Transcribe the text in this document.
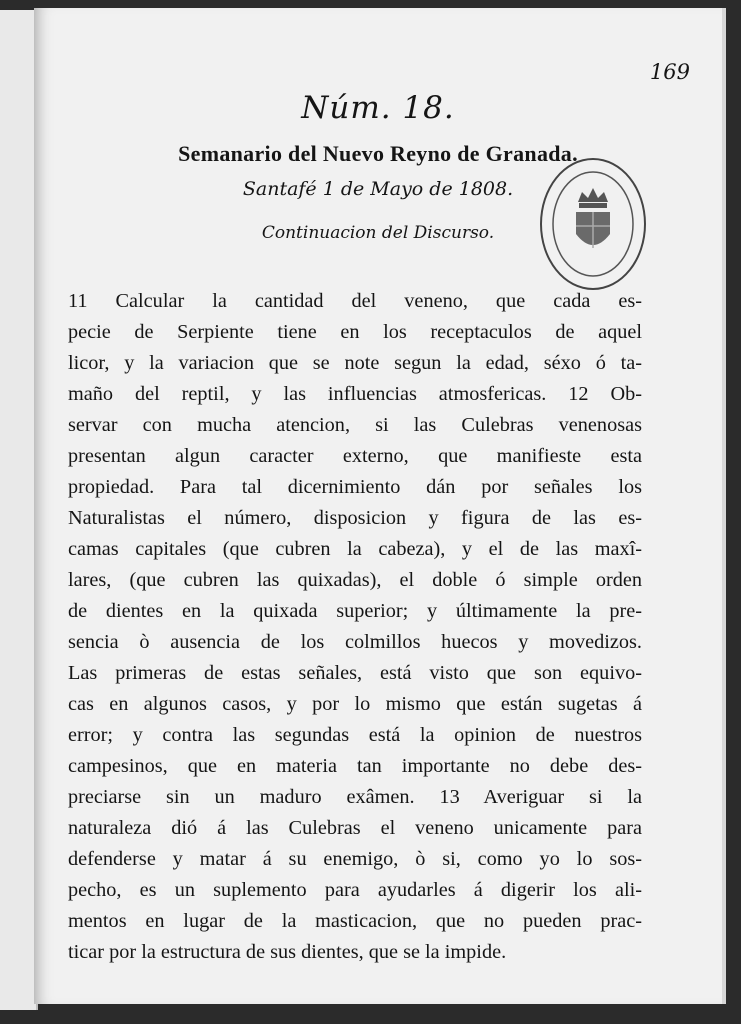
169
Núm. 18.
Semanario del Nuevo Reyno de Granada.
Santafé 1 de Mayo de 1808.
Continuacion del Discurso.
11 Calcular la cantidad del veneno, que cada es-
pecie de Serpiente tiene en los receptaculos de aquel
licor, y la variacion que se note segun la edad, séxo ó ta-
maño del reptil, y las influencias atmosfericas. 12 Ob-
servar con mucha atencion, si las Culebras venenosas
presentan algun caracter externo, que manifieste esta
propiedad. Para tal dicernimiento dán por señales los
Naturalistas el número, disposicion y figura de las es-
camas capitales (que cubren la cabeza), y el de las maxî-
lares, (que cubren las quixadas), el doble ó simple orden
de dientes en la quixada superior; y últimamente la pre-
sencia ò ausencia de los colmillos huecos y movedizos.
Las primeras de estas señales, está visto que son equivo-
cas en algunos casos, y por lo mismo que están sugetas á
error; y contra las segundas está la opinion de nuestros
campesinos, que en materia tan importante no debe des-
preciarse sin un maduro exâmen. 13 Averiguar si la
naturaleza dió á las Culebras el veneno unicamente para
defenderse y matar á su enemigo, ò si, como yo lo sos-
pecho, es un suplemento para ayudarles á digerir los ali-
mentos en lugar de la masticacion, que no pueden prac-
ticar por la estructura de sus dientes, que se la impide.
